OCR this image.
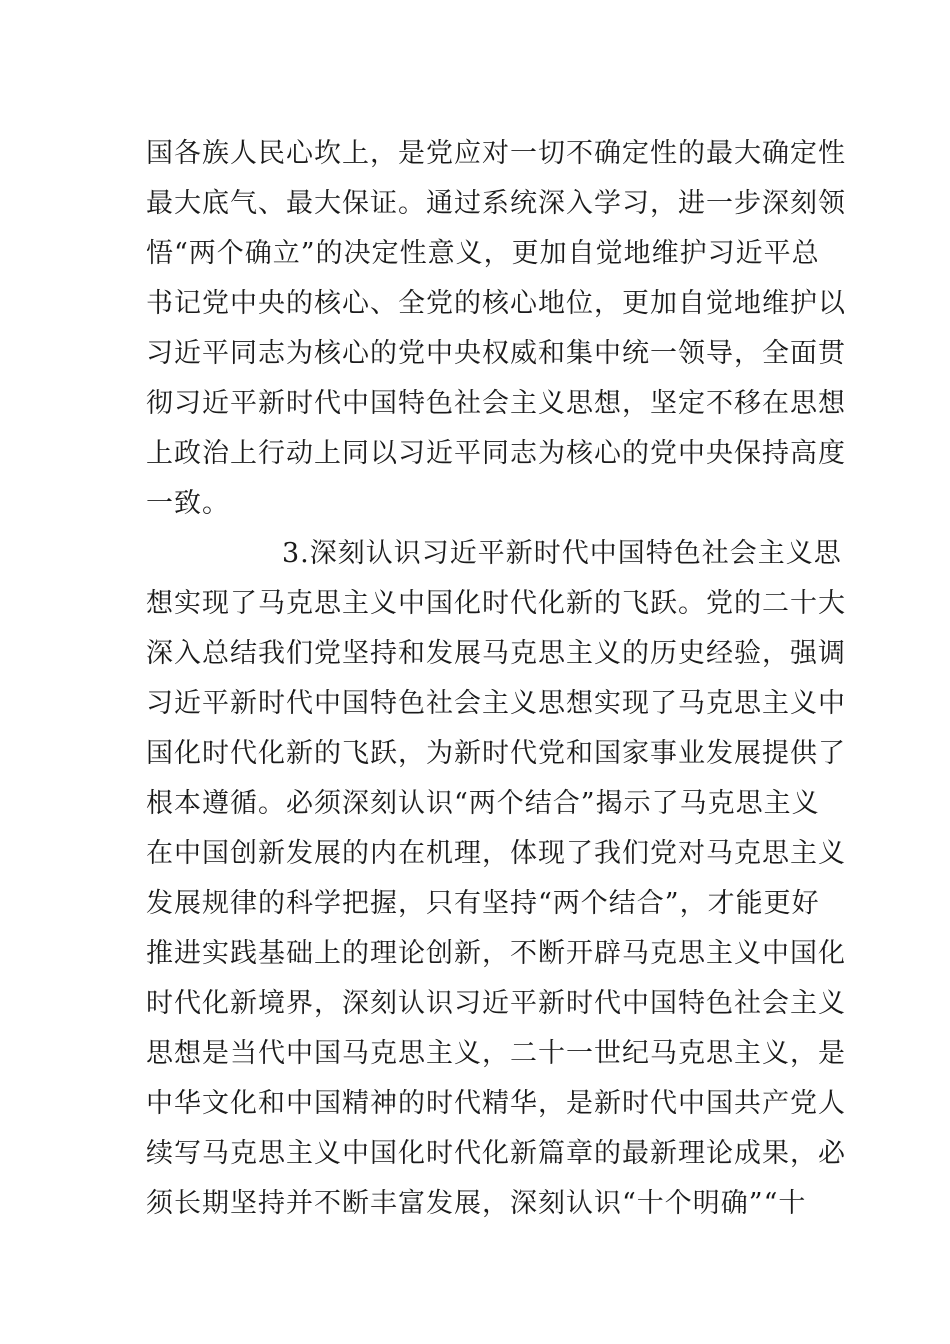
国各族人民心坎上，是党应对一切不确定性的最大确定性
最大底气、最大保证。通过系统深入学习，进一步深刻领
悟“两个确立”的决定性意义，更加自觉地维护习近平总
书记党中央的核心、全党的核心地位，更加自觉地维护以
习近平同志为核心的党中央权威和集中统一领导，全面贯
彻习近平新时代中国特色社会主义思想，坚定不移在思想
上政治上行动上同以习近平同志为核心的党中央保持高度
一致。
3.深刻认识习近平新时代中国特色社会主义思
想实现了马克思主义中国化时代化新的飞跃。党的二十大
深入总结我们党坚持和发展马克思主义的历史经验，强调
习近平新时代中国特色社会主义思想实现了马克思主义中
国化时代化新的飞跃，为新时代党和国家事业发展提供了
根本遵循。必须深刻认识“两个结合”揭示了马克思主义
在中国创新发展的内在机理，体现了我们党对马克思主义
发展规律的科学把握，只有坚持“两个结合”，才能更好
推进实践基础上的理论创新，不断开辟马克思主义中国化
时代化新境界，深刻认识习近平新时代中国特色社会主义
思想是当代中国马克思主义，二十一世纪马克思主义，是
中华文化和中国精神的时代精华，是新时代中国共产党人
续写马克思主义中国化时代化新篇章的最新理论成果，必
须长期坚持并不断丰富发展，深刻认识“十个明确”“十
